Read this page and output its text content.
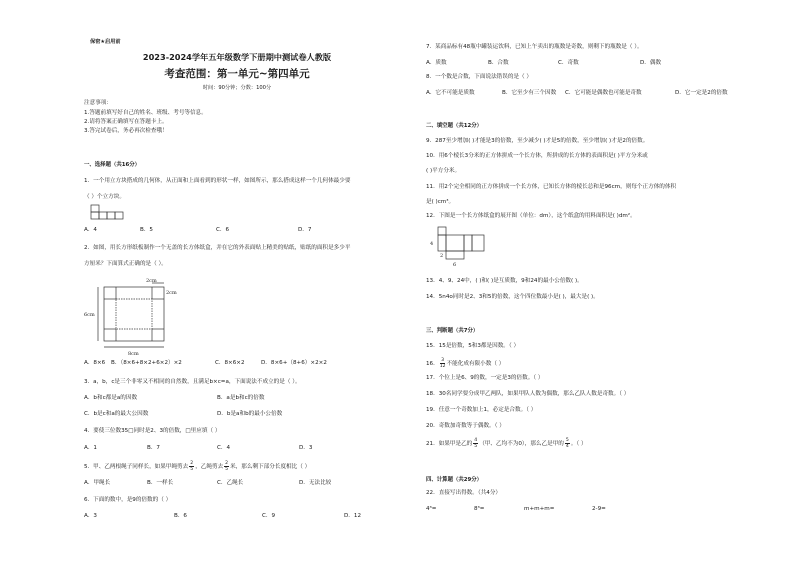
保密★启用前
2023-2024学年五年级数学下册期中测试卷人教版
考查范围：第一单元~第四单元
时间：90分钟；分数：100分
注意事项：
1.答题前填写好自己的姓名、班级、考号等信息。
2.请将答案正确填写在答题卡上。
3.答完试卷后，务必再次检查哦！
一、选择题（共16分）
1．一个用立方块搭成的几何体，从正面和上面看到的形状一样，如图所示，那么搭成这样一个几何体最少要
（ ）个立方块。
A．4	B．5	C．6	D．7
2．如图，用长方形纸板制作一个无盖的长方体纸盒，并在它的外表面贴上精美的贴纸，贴纸的面积是多少平
方厘米？下面算式正确的是（ ）。
2cm
2cm
6cm
8cm
A．8×6	B．（8×6+8×2+6×2）×2	C．8×6×2	D．8×6+（8+6）×2×2
3．a，b，c是三个非零又不相同的自然数，且满足b×c=a，下面说法不成立的是（ ）。
A．b和c都是a的因数	B．a是b和c的倍数
C．b是c和a的最大公因数	D．b是a和b的最小公倍数
4．要使三位数35□同时是2、3的倍数，□里应填（ ）
A．1	B．7	C．4	D．3
5．甲、乙两根绳子同样长，如果甲绳剪去 $\frac{2}{5}$ ，乙绳剪去 $\frac{2}{5}$ 米，那么剩下部分长度相比（ ）
A．甲绳长	B．一样长	C．乙绳长	D．无法比较
6．下面的数中，是9的倍数的（ ）
A．3	B．6	C．9	D．12
7．某商品标有48瓶中罐装运饮料，已知上午卖出的瓶数是奇数，则剩下的瓶数是（ ）。
A．质数	B．合数	C．奇数	D．偶数
8．一个数是合数，下面说法错误的是（ ）
A．它不可能是质数	B．它至少有三个因数	C．它可能是偶数也可能是奇数	D．它一定是2的倍数
二、填空题（共12分）
9．287至少增加( )才能是3的倍数，至少减少( )才是5的倍数，至少增加( )才是2的倍数。
10．用6个棱长3分米的正方体拼成一个长方体，所拼成的长方体的表面积是( )平方分米或
( )平方分米。
11．用2个完全相同的正方体拼成一个长方体，已知长方体的棱长总和是96cm，则每个正方体的体积
是( )cm³。
12．下图是一个长方体纸盒的展开图（单位：dm），这个纸盒的用料面积是( )dm²。
4
2
6
13．4、9、24中，( )和( )是互质数，9和24的最小公倍数( )。
14．5n4o同时是2、3和5的倍数，这个四位数最小是( )，最大是( )。
三、判断题（共7分）
15．15是倍数，5和3都是因数。（ ）
16． $\frac{3}{12}$ 不能化成有限小数（ ）
17．个位上是6、9的数，一定是3的倍数。（ ）
18．30名同学要分成甲乙两队，如果甲队人数为偶数，那么乙队人数是奇数。（ ）
19．任意一个奇数加上1，必定是合数。（ ）
20．奇数加奇数等于偶数。（ ）
21．如果甲是乙的 $\frac{4}{5}$ （甲、乙均不为0），那么乙是甲的 $\frac{5}{4}$ 。（ ）
四、计算题（共29分）
22．直接写出得数。（共4分）
4³=	8³=	m+m+m=	2-9=
